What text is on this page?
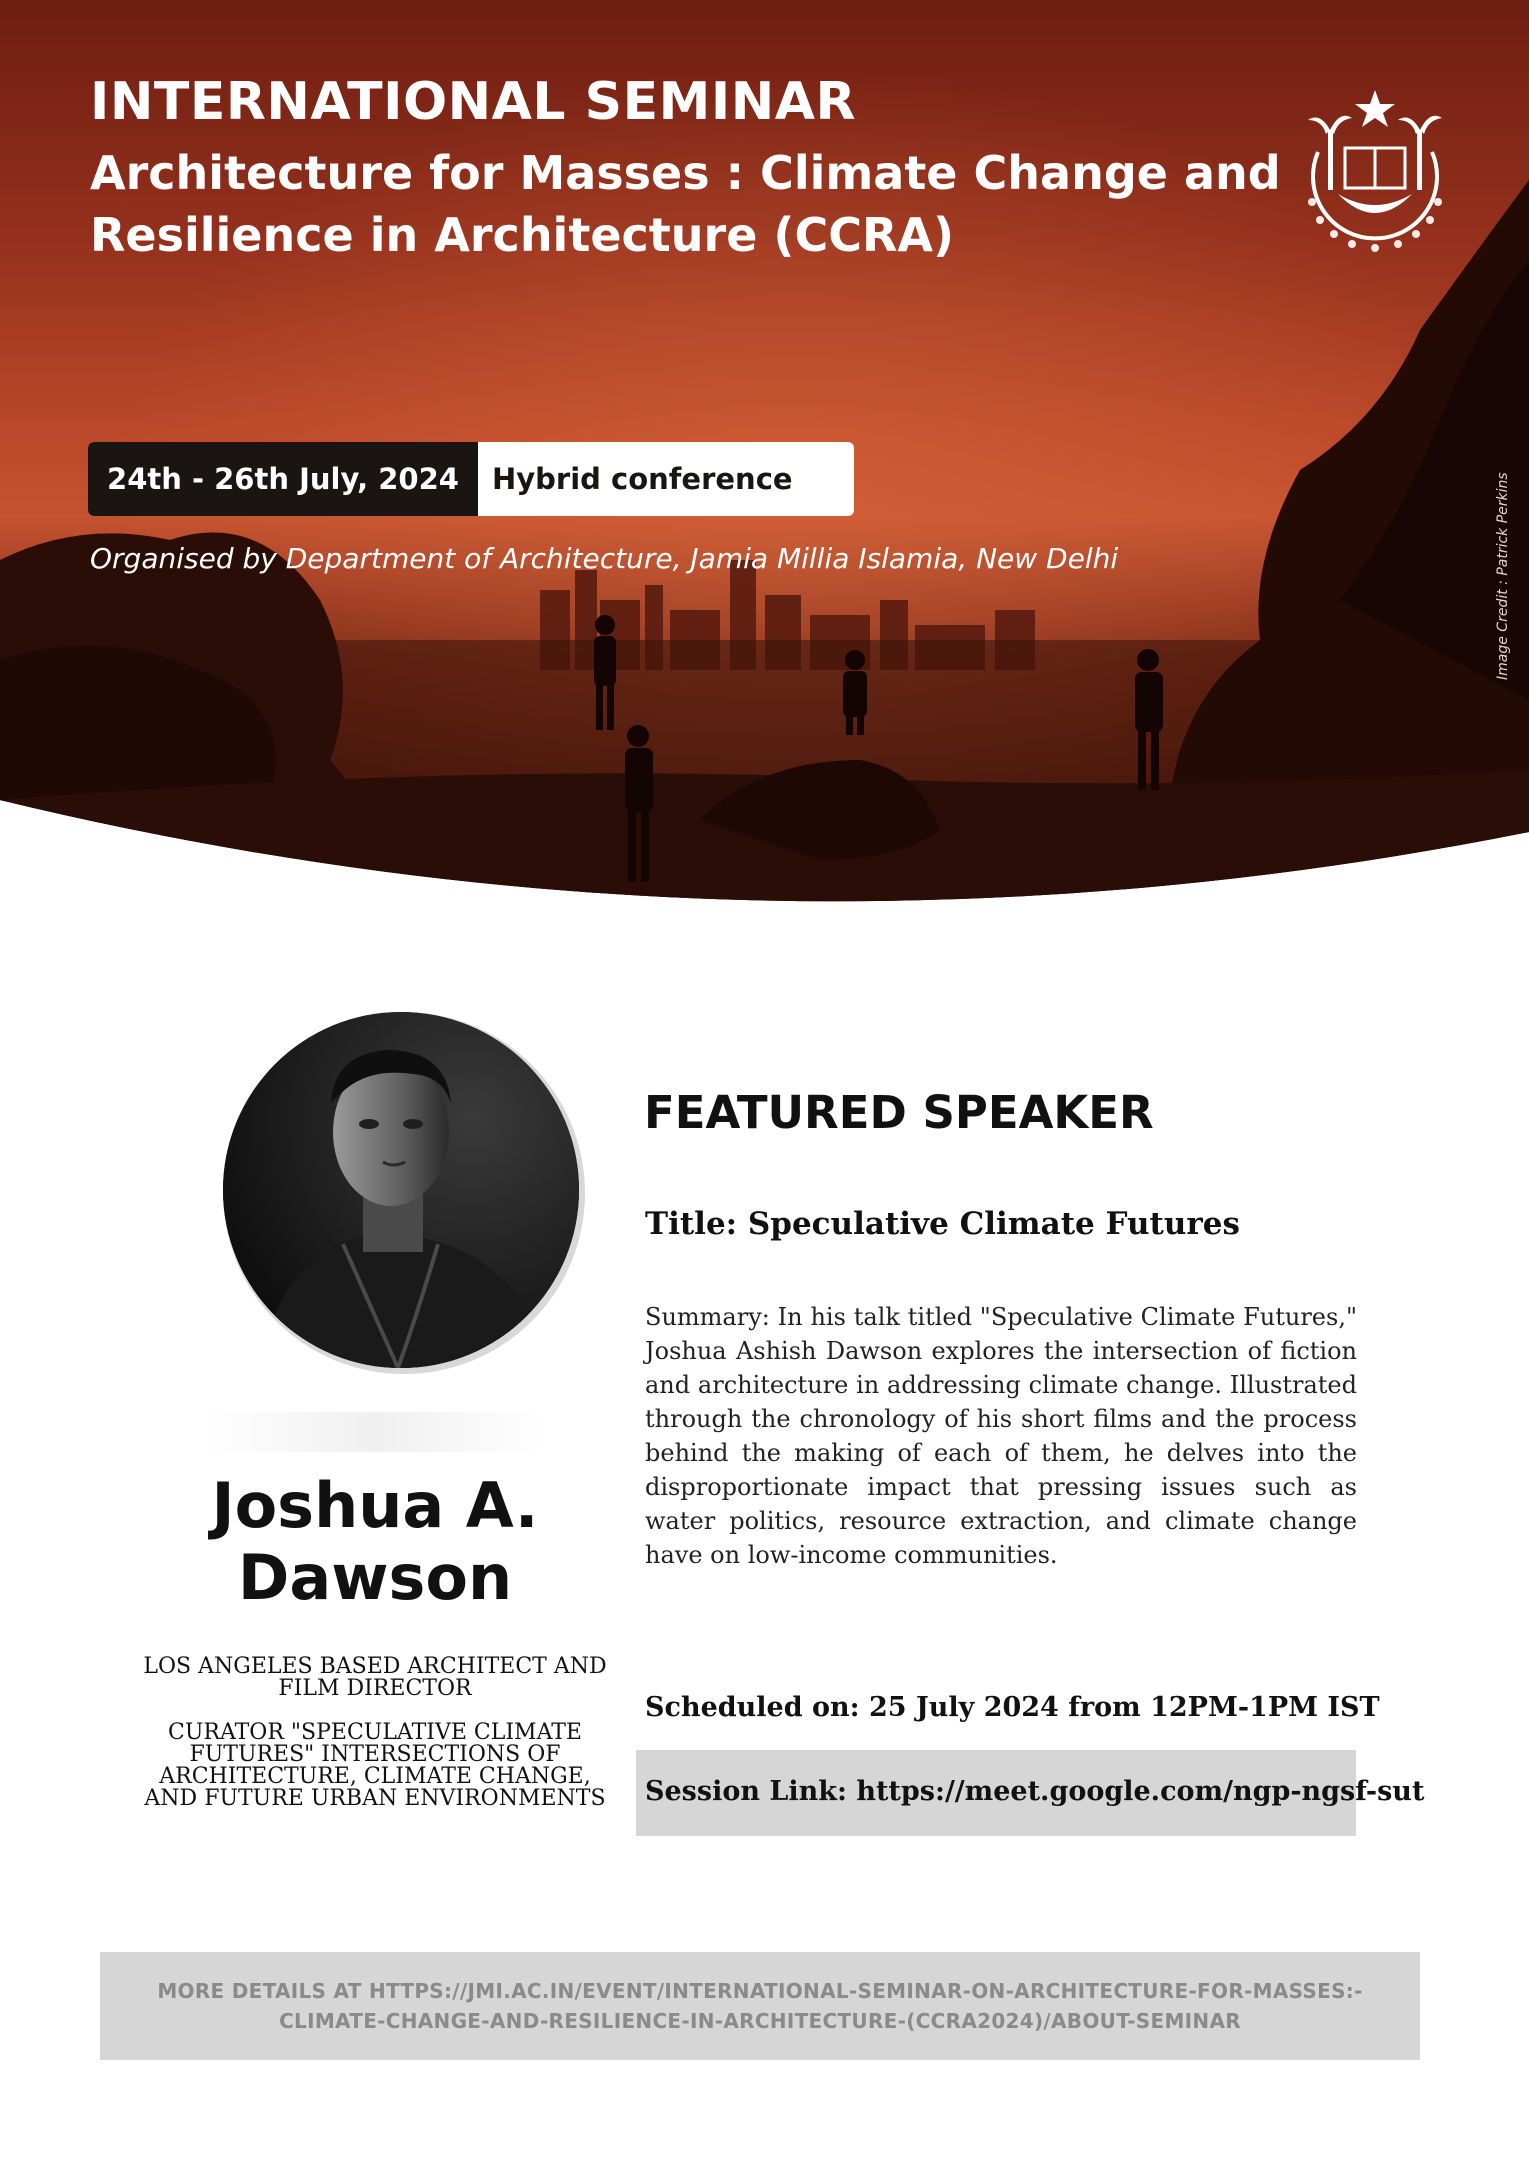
INTERNATIONAL SEMINAR
Architecture for Masses : Climate Change and Resilience in Architecture (CCRA)
24th - 26th July, 2024	Hybrid conference

Organised by Department of Architecture, Jamia Millia Islamia, New Delhi	Image Credit : Patrick Perkins

Joshua A. Dawson

LOS ANGELES BASED ARCHITECT AND FILM DIRECTOR

CURATOR "SPECULATIVE CLIMATE FUTURES" INTERSECTIONS OF ARCHITECTURE, CLIMATE CHANGE, AND FUTURE URBAN ENVIRONMENTS

FEATURED SPEAKER
Title: Speculative Climate Futures

Summary: In his talk titled "Speculative Climate Futures," Joshua Ashish Dawson explores the intersection of fiction and architecture in addressing climate change. Illustrated through the chronology of his short films and the process behind the making of each of them, he delves into the disproportionate impact that pressing issues such as water politics, resource extraction, and climate change have on low-income communities.

Scheduled on: 25 July 2024 from 12PM-1PM IST

Session Link: https://meet.google.com/ngp-ngsf-sut

MORE DETAILS AT HTTPS://JMI.AC.IN/EVENT/INTERNATIONAL-SEMINAR-ON-ARCHITECTURE-FOR-MASSES:-CLIMATE-CHANGE-AND-RESILIENCE-IN-ARCHITECTURE-(CCRA2024)/ABOUT-SEMINAR
